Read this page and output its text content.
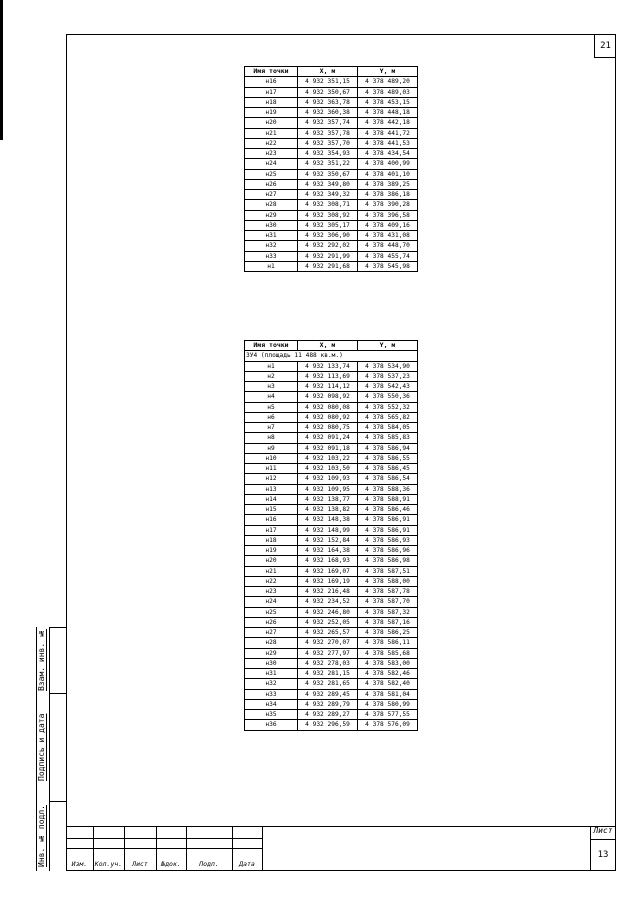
21
Инв. № подл.
Подпись и дата
Взам. инв. №
Изм.	Кол.уч.	Лист	№док.	Подп.	Дата
Лист
13
Имя точки	X, м	Y, м
н16	4 932 351,15	4 378 489,20
н17	4 932 350,67	4 378 489,03
н18	4 932 363,78	4 378 453,15
н19	4 932 360,38	4 378 448,18
н20	4 932 357,74	4 378 442,18
н21	4 932 357,78	4 378 441,72
н22	4 932 357,70	4 378 441,53
н23	4 932 354,93	4 378 434,54
н24	4 932 351,22	4 378 400,99
н25	4 932 350,67	4 378 401,10
н26	4 932 349,80	4 378 389,25
н27	4 932 349,32	4 378 386,18
н28	4 932 308,71	4 378 390,28
н29	4 932 308,92	4 378 396,58
н30	4 932 305,17	4 378 409,16
н31	4 932 306,90	4 378 431,08
н32	4 932 292,02	4 378 448,70
н33	4 932 291,99	4 378 455,74
н1	4 932 291,68	4 378 545,98
Имя точки	X, м	Y, м
ЗУ4 (площадь 11 488 кв.м.)		
н1	4 932 133,74	4 378 534,90
н2	4 932 113,69	4 378 537,23
н3	4 932 114,12	4 378 542,43
н4	4 932 098,92	4 378 550,36
н5	4 932 080,08	4 378 552,32
н6	4 932 080,92	4 378 565,82
н7	4 932 080,75	4 378 584,05
н8	4 932 091,24	4 378 585,83
н9	4 932 091,18	4 378 586,94
н10	4 932 103,22	4 378 586,55
н11	4 932 103,50	4 378 586,45
н12	4 932 109,93	4 378 586,54
н13	4 932 109,95	4 378 588,36
н14	4 932 138,77	4 378 588,91
н15	4 932 138,82	4 378 586,46
н16	4 932 148,38	4 378 586,91
н17	4 932 148,99	4 378 586,91
н18	4 932 152,84	4 378 586,93
н19	4 932 164,38	4 378 586,96
н20	4 932 168,93	4 378 586,98
н21	4 932 169,07	4 378 587,51
н22	4 932 169,19	4 378 588,00
н23	4 932 216,48	4 378 587,78
н24	4 932 234,52	4 378 587,70
н25	4 932 246,80	4 378 587,32
н26	4 932 252,05	4 378 587,16
н27	4 932 265,57	4 378 586,25
н28	4 932 270,07	4 378 586,11
н29	4 932 277,97	4 378 585,68
н30	4 932 278,03	4 378 583,00
н31	4 932 281,15	4 378 582,46
н32	4 932 281,65	4 378 582,40
н33	4 932 289,45	4 378 581,04
н34	4 932 289,79	4 378 580,99
н35	4 932 289,27	4 378 577,55
н36	4 932 296,59	4 378 576,09
